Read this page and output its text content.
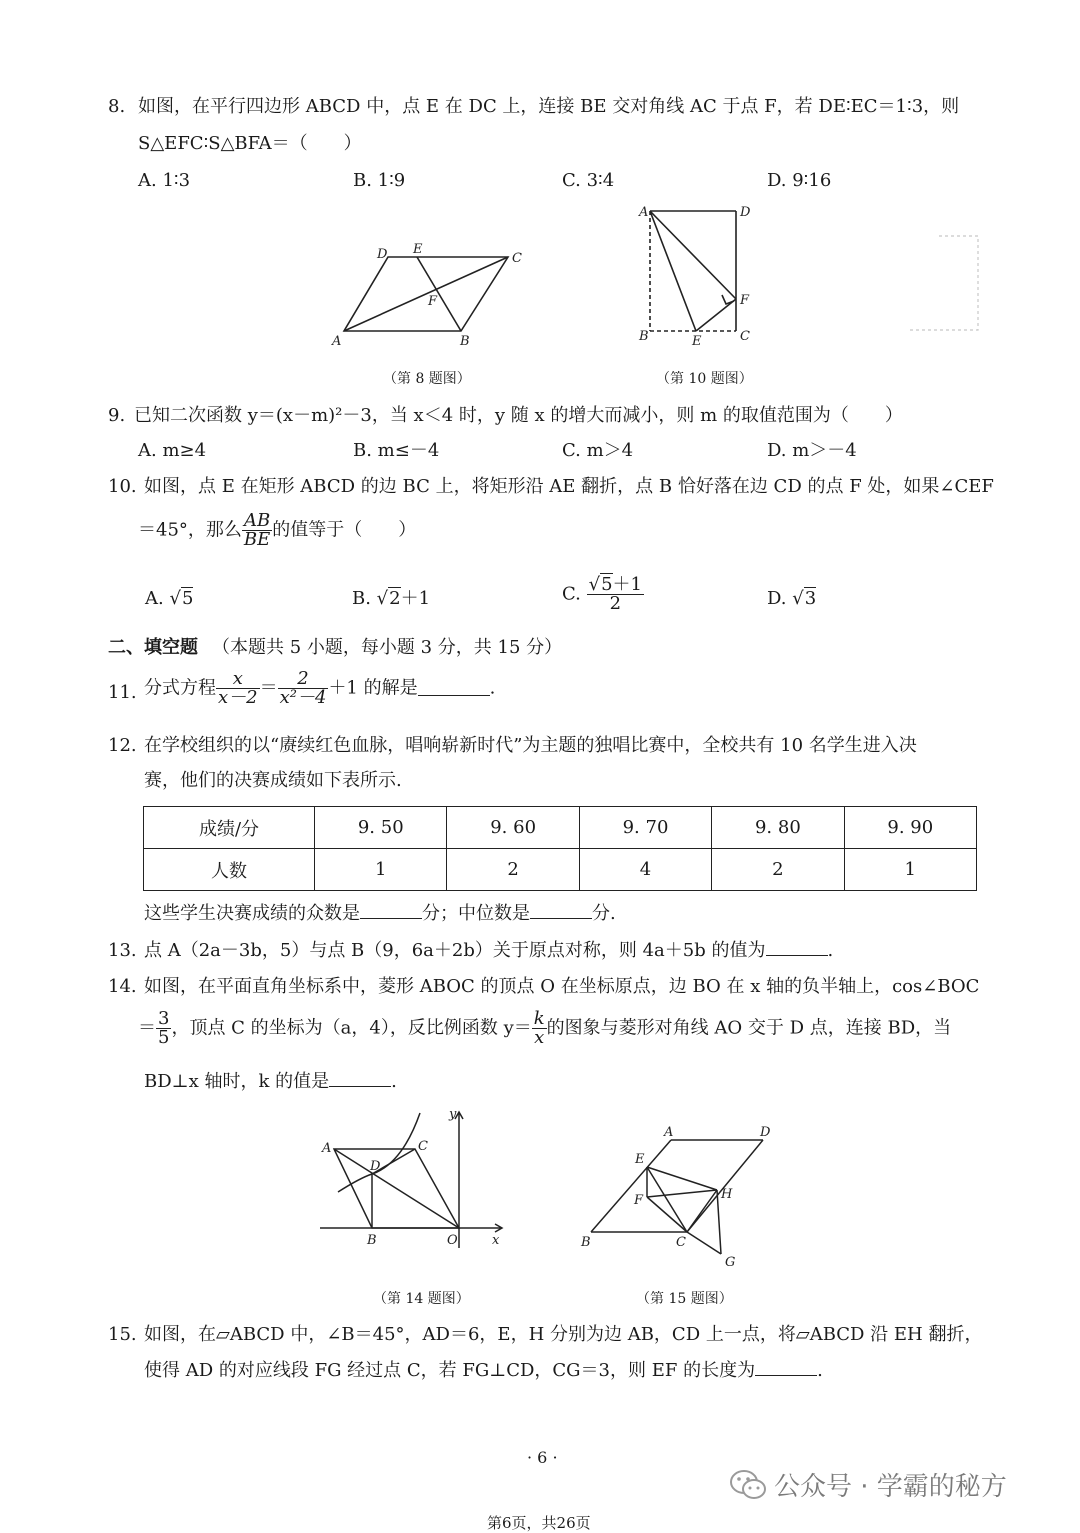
8. 如图，在平行四边形 ABCD 中，点 E 在 DC 上，连接 BE 交对角线 AC 于点 F，若 DE∶EC＝1∶3，则
S△EFC∶S△BFA＝（　　）
A. 1∶3	B. 1∶9	C. 3∶4	D. 9∶16
A	B
C
D E
F
（第 8 题图）
A
B	C
D
E
F
（第 10 题图）
9. 已知二次函数 y＝(x－m)²－3，当 x＜4 时，y 随 x 的增大而减小，则 m 的取值范围为（　　）
A. m≥4	B. m≤－4	C. m＞4	D. m＞－4
10. 如图，点 E 在矩形 ABCD 的边 BC 上，将矩形沿 AE 翻折，点 B 恰好落在边 CD 的点 F 处，如果∠CEF
＝45°，那么 $\frac{AB}{BE}$ 的值等于（　　）
A. √5	B. √2＋1	C. $\frac{√5+1}{2}$	D. √3
二、填空题 （本题共 5 小题，每小题 3 分，共 15 分）
11. 分式方程 $\frac{x}{x-2} = \frac{2}{\text{x²－4}} +1$ 的解是	.
12. 在学校组织的以“赓续红色血脉，唱响崭新时代”为主题的独唱比赛中，全校共有 10 名学生进入决
赛，他们的决赛成绩如下表所示.
成绩/分	9. 50	9. 60	9. 70	9. 80	9. 90
人数	1	2	4	2	1
这些学生决赛成绩的众数是	分；中位数是	分.
13. 点 A（2a－3b，5）与点 B（9，6a＋2b）关于原点对称，则 4a＋5b 的值为	.
14. 如图，在平面直角坐标系中，菱形 ABOC 的顶点 O 在坐标原点，边 BO 在 x 轴的负半轴上，cos∠BOC
＝ $\frac{3}{5}$ ，顶点 C 的坐标为（a，4），反比例函数 $y= \frac{k}{x}$ 的图象与菱形对角线 AO 交于 D 点，连接 BD，当
BD⊥x 轴时，k 的值是	.
A
B
C
D
O	x
y
（第 14 题图）
A
B	C
D
E
F
G
H
（第 15 题图）
15. 如图，在▱ABCD 中，∠B＝45°，AD＝6，E，H 分别为边 AB，CD 上一点，将▱ABCD 沿 EH 翻折，
使得 AD 的对应线段 FG 经过点 C，若 FG⊥CD，CG＝3，则 EF 的长度为	.
· 6 ·
公众号 · 学霸的秘方
第6页，共26页
